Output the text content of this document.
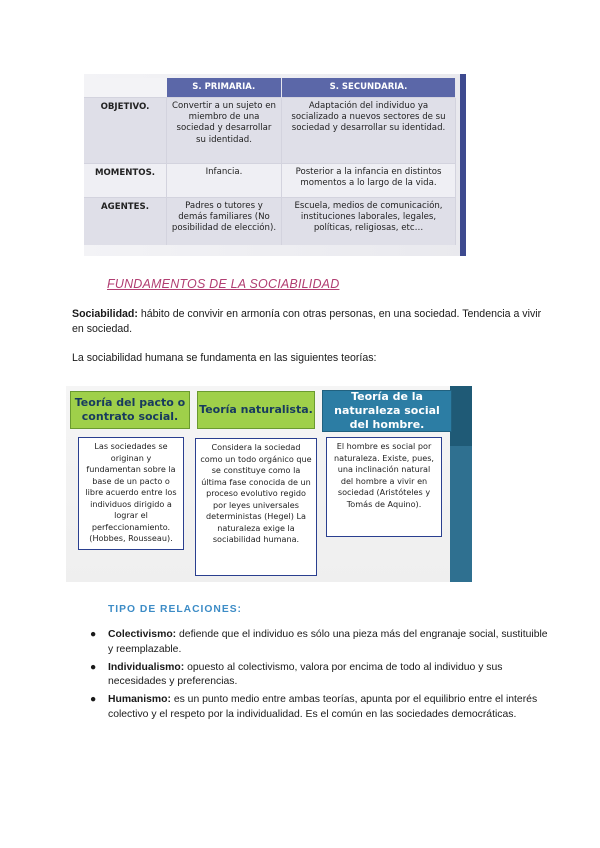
	S. PRIMARIA.	S. SECUNDARIA.
OBJETIVO.	Convertir a un sujeto en miembro de una sociedad y desarrollar su identidad.	Adaptación del individuo ya socializado a nuevos sectores de su sociedad y desarrollar su identidad.
MOMENTOS.	Infancia.	Posterior a la infancia en distintos momentos a lo largo de la vida.
AGENTES.	Padres o tutores y demás familiares (No posibilidad de elección).	Escuela, medios de comunicación, instituciones laborales, legales, políticas, religiosas, etc…
FUNDAMENTOS DE LA SOCIABILIDAD
Sociabilidad: hábito de convivir en armonía con otras personas, en una sociedad. Tendencia a vivir en sociedad.
La sociabilidad humana se fundamenta en las siguientes teorías:
Teoría del pacto o contrato social.
Teoría naturalista.
Teoría de la naturaleza social del hombre.
Las sociedades se originan y fundamentan sobre la base de un pacto o libre acuerdo entre los individuos dirigido a lograr el perfeccionamiento. (Hobbes, Rousseau).
Considera la sociedad como un todo orgánico que se constituye como la última fase conocida de un proceso evolutivo regido por leyes universales deterministas (Hegel) La naturaleza exige la sociabilidad humana.
El hombre es social por naturaleza. Existe, pues, una inclinación natural del hombre a vivir en sociedad (Aristóteles y Tomás de Aquino).
TIPO DE RELACIONES:
● Colectivismo: defiende que el individuo es sólo una pieza más del engranaje social, sustituible y reemplazable.
● Individualismo: opuesto al colectivismo, valora por encima de todo al individuo y sus necesidades y preferencias.
● Humanismo: es un punto medio entre ambas teorías, apunta por el equilibrio entre el interés colectivo y el respeto por la individualidad. Es el común en las sociedades democráticas.
